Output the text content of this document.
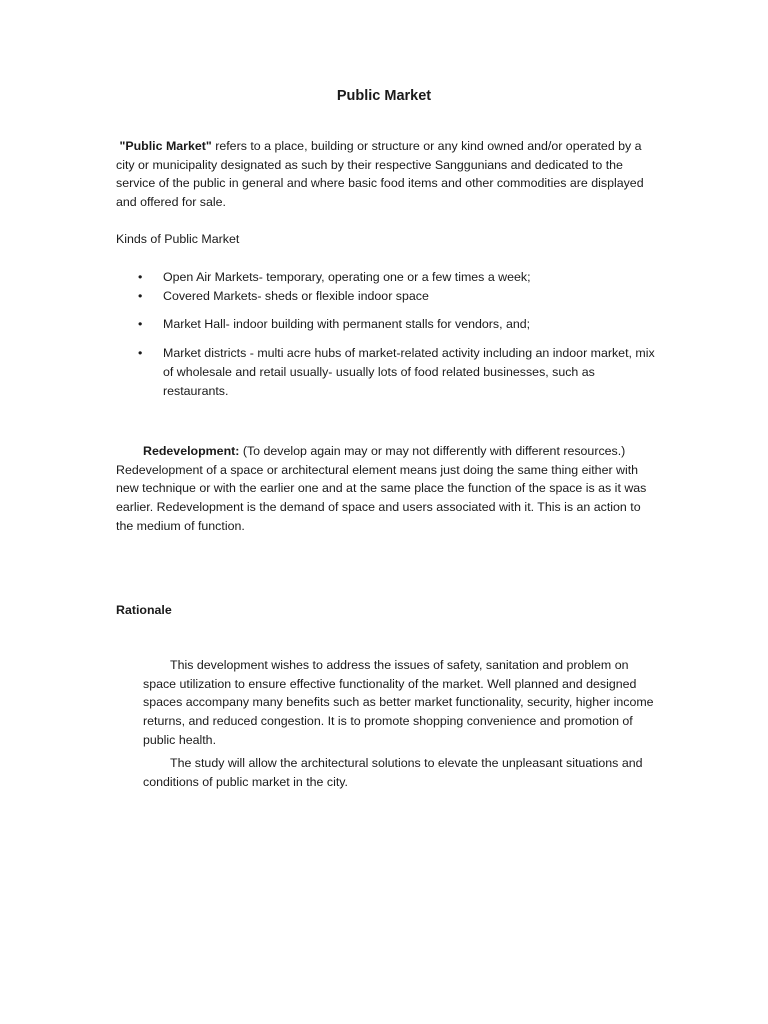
Public Market

"Public Market" refers to a place, building or structure or any kind owned and/or operated by a city or municipality designated as such by their respective Sanggunians and dedicated to the service of the public in general and where basic food items and other commodities are displayed and offered for sale.

Kinds of Public Market

• Open Air Markets- temporary, operating one or a few times a week;
• Covered Markets- sheds or flexible indoor space
• Market Hall- indoor building with permanent stalls for vendors, and;
• Market districts - multi acre hubs of market-related activity including an indoor market, mix of wholesale and retail usually- usually lots of food related businesses, such as restaurants.

Redevelopment: (To develop again may or may not differently with different resources.) Redevelopment of a space or architectural element means just doing the same thing either with new technique or with the earlier one and at the same place the function of the space is as it was earlier. Redevelopment is the demand of space and users associated with it. This is an action to the medium of function.

Rationale

This development wishes to address the issues of safety, sanitation and problem on space utilization to ensure effective functionality of the market. Well planned and designed spaces accompany many benefits such as better market functionality, security, higher income returns, and reduced congestion. It is to promote shopping convenience and promotion of public health.

The study will allow the architectural solutions to elevate the unpleasant situations and conditions of public market in the city.
